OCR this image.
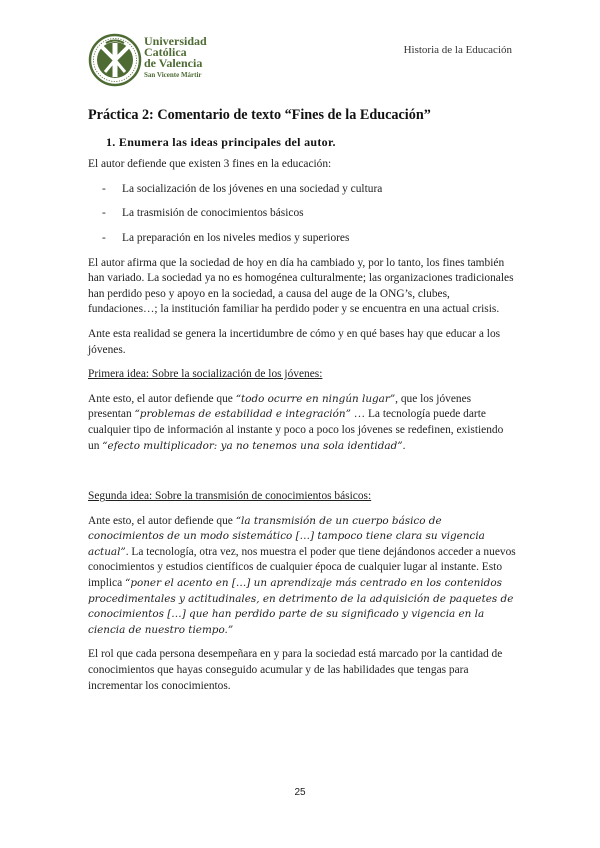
Universidad
Católica
de Valencia
San Vicente Mártir
Historia de la Educación
Práctica 2: Comentario de texto “Fines de la Educación”
1. Enumera las ideas principales del autor.

El autor defiende que existen 3 fines en la educación:

- La socialización de los jóvenes en una sociedad y cultura
- La trasmisión de conocimientos básicos
- La preparación en los niveles medios y superiores

El autor afirma que la sociedad de hoy en día ha cambiado y, por lo tanto, los fines también han variado. La sociedad ya no es homogénea culturalmente; las organizaciones tradicionales han perdido peso y apoyo en la sociedad, a causa del auge de la ONG’s, clubes, fundaciones…; la institución familiar ha perdido poder y se encuentra en una actual crisis.

Ante esta realidad se genera la incertidumbre de cómo y en qué bases hay que educar a los jóvenes.

Primera idea: Sobre la socialización de los jóvenes:

Ante esto, el autor defiende que “todo ocurre en ningún lugar”, que los jóvenes presentan “problemas de estabilidad e integración” … La tecnología puede darte cualquier tipo de información al instante y poco a poco los jóvenes se redefinen, existiendo un “efecto multiplicador: ya no tenemos una sola identidad”.

Segunda idea: Sobre la transmisión de conocimientos básicos:

Ante esto, el autor defiende que “la transmisión de un cuerpo básico de conocimientos de un modo sistemático […] tampoco tiene clara su vigencia actual”. La tecnología, otra vez, nos muestra el poder que tiene dejándonos acceder a nuevos conocimientos y estudios científicos de cualquier época de cualquier lugar al instante. Esto implica “poner el acento en […] un aprendizaje más centrado en los contenidos procedimentales y actitudinales, en detrimento de la adquisición de paquetes de conocimientos […] que han perdido parte de su significado y vigencia en la ciencia de nuestro tiempo.”

El rol que cada persona desempeñara en y para la sociedad está marcado por la cantidad de conocimientos que hayas conseguido acumular y de las habilidades que tengas para incrementar los conocimientos.

25
